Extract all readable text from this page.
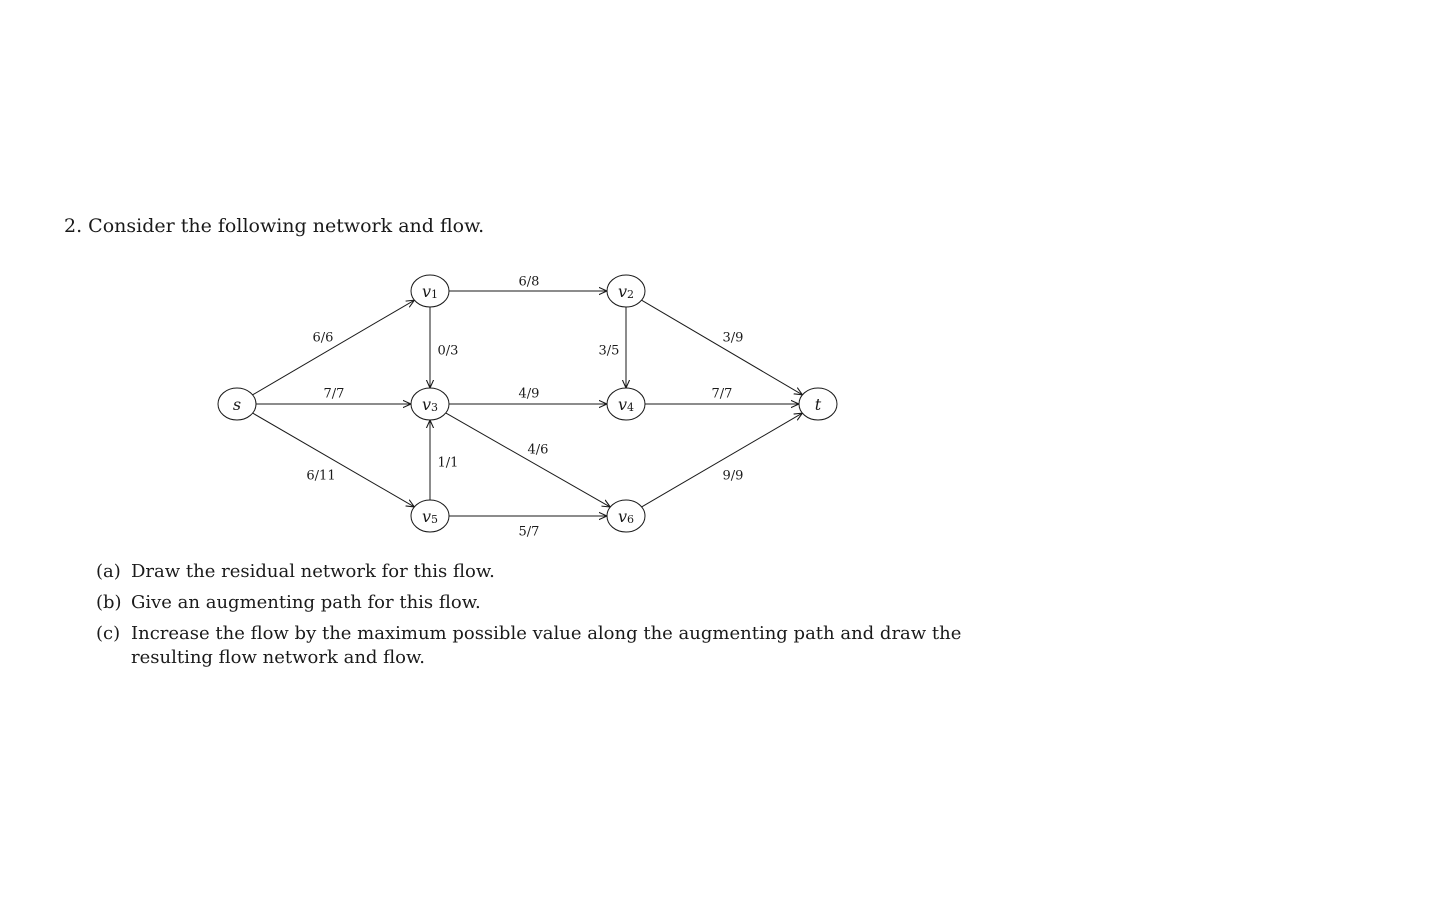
2. Consider the following network and flow.
6/6
7/7
6/11
6/8
0/3	3/5
3/9
4/9
4/6
1/1
7/7
5/7
9/9
s
v1	v2
v3	v4
v5	v6
t
(a) Draw the residual network for this flow.
(b) Give an augmenting path for this flow.
(c) Increase the flow by the maximum possible value along the augmenting path and draw the resulting flow network and flow.
